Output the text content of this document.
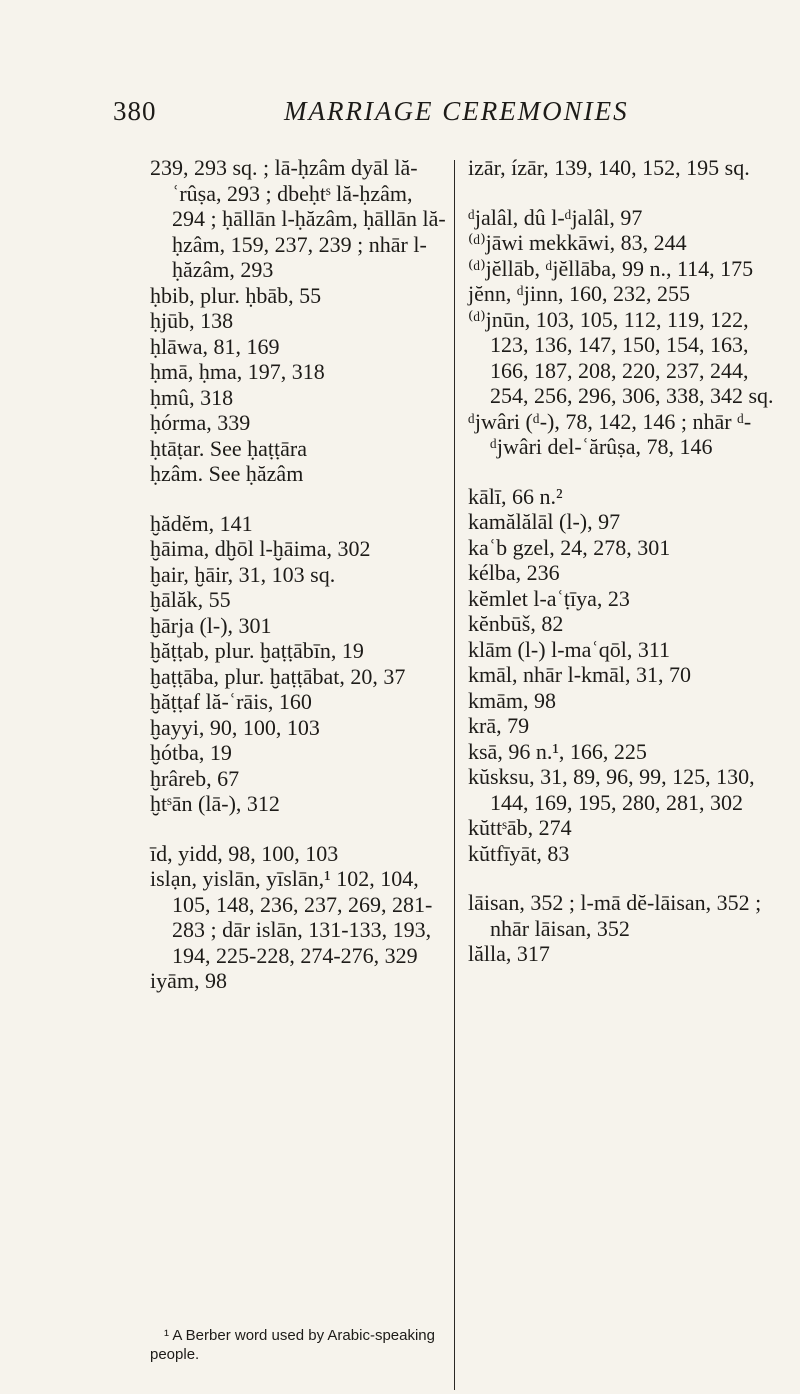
380	MARRIAGE CEREMONIES

239, 293 sq. ; lā-ḥzâm dyāl lă-ʿrûṣa, 293 ; dbeḥtˢ lă-ḥzâm, 294 ; ḥāllān l-ḥăzâm, ḥāllān lă-ḥzâm, 159, 237, 239 ; nhār l-ḥăzâm, 293

ḥbib, plur. ḥbāb, 55

ḥjūb, 138

ḥlāwa, 81, 169

ḥmā, ḥma, 197, 318

ḥmû, 318

ḥórma, 339

ḥtāṭar. See ḥaṭṭāra

ḥzâm. See ḥăzâm

ḫădĕm, 141

ḫāima, dḫōl l-ḫāima, 302

ḫair, ḫāir, 31, 103 sq.

ḫālăk, 55

ḫārja (l-), 301

ḫăṭṭab, plur. ḫaṭṭābīn, 19

ḫaṭṭāba, plur. ḫaṭṭābat, 20, 37

ḫăṭṭaf lă-ʿrāis, 160

ḫayyi, 90, 100, 103

ḫótba, 19

ḫrâreb, 67

ḫtˢān (lā-), 312

īd, yidd, 98, 100, 103

islạn, yislān, yīslān,¹ 102, 104, 105, 148, 236, 237, 269, 281-283 ; dār islān, 131-133, 193, 194, 225-228, 274-276, 329

iyām, 98

izār, ízār, 139, 140, 152, 195 sq.

ᵈjalâl, dû l-ᵈjalâl, 97

⁽ᵈ⁾jāwi mekkāwi, 83, 244

⁽ᵈ⁾jĕllāb, ᵈjĕllāba, 99 n., 114, 175

jĕnn, ᵈjinn, 160, 232, 255

⁽ᵈ⁾jnūn, 103, 105, 112, 119, 122, 123, 136, 147, 150, 154, 163, 166, 187, 208, 220, 237, 244, 254, 256, 296, 306, 338, 342 sq.

ᵈjwâri (ᵈ-), 78, 142, 146 ; nhār ᵈ-ᵈjwâri del-ʿărûṣa, 78, 146

kālī, 66 n.²

kamălălāl (l-), 97

kaʿb gzel, 24, 278, 301

kélba, 236

kĕmlet l-aʿṭīya, 23

kĕnbūš, 82

klām (l-) l-maʿqōl, 311

kmāl, nhār l-kmāl, 31, 70

kmām, 98

krā, 79

ksā, 96 n.¹, 166, 225

kŭsksu, 31, 89, 96, 99, 125, 130, 144, 169, 195, 280, 281, 302

kŭttˢāb, 274

kŭtfīyāt, 83

lāisan, 352 ; l-mā dĕ-lāisan, 352 ; nhār lāisan, 352

lălla, 317

¹ A Berber word used by Arabic-speaking people.
